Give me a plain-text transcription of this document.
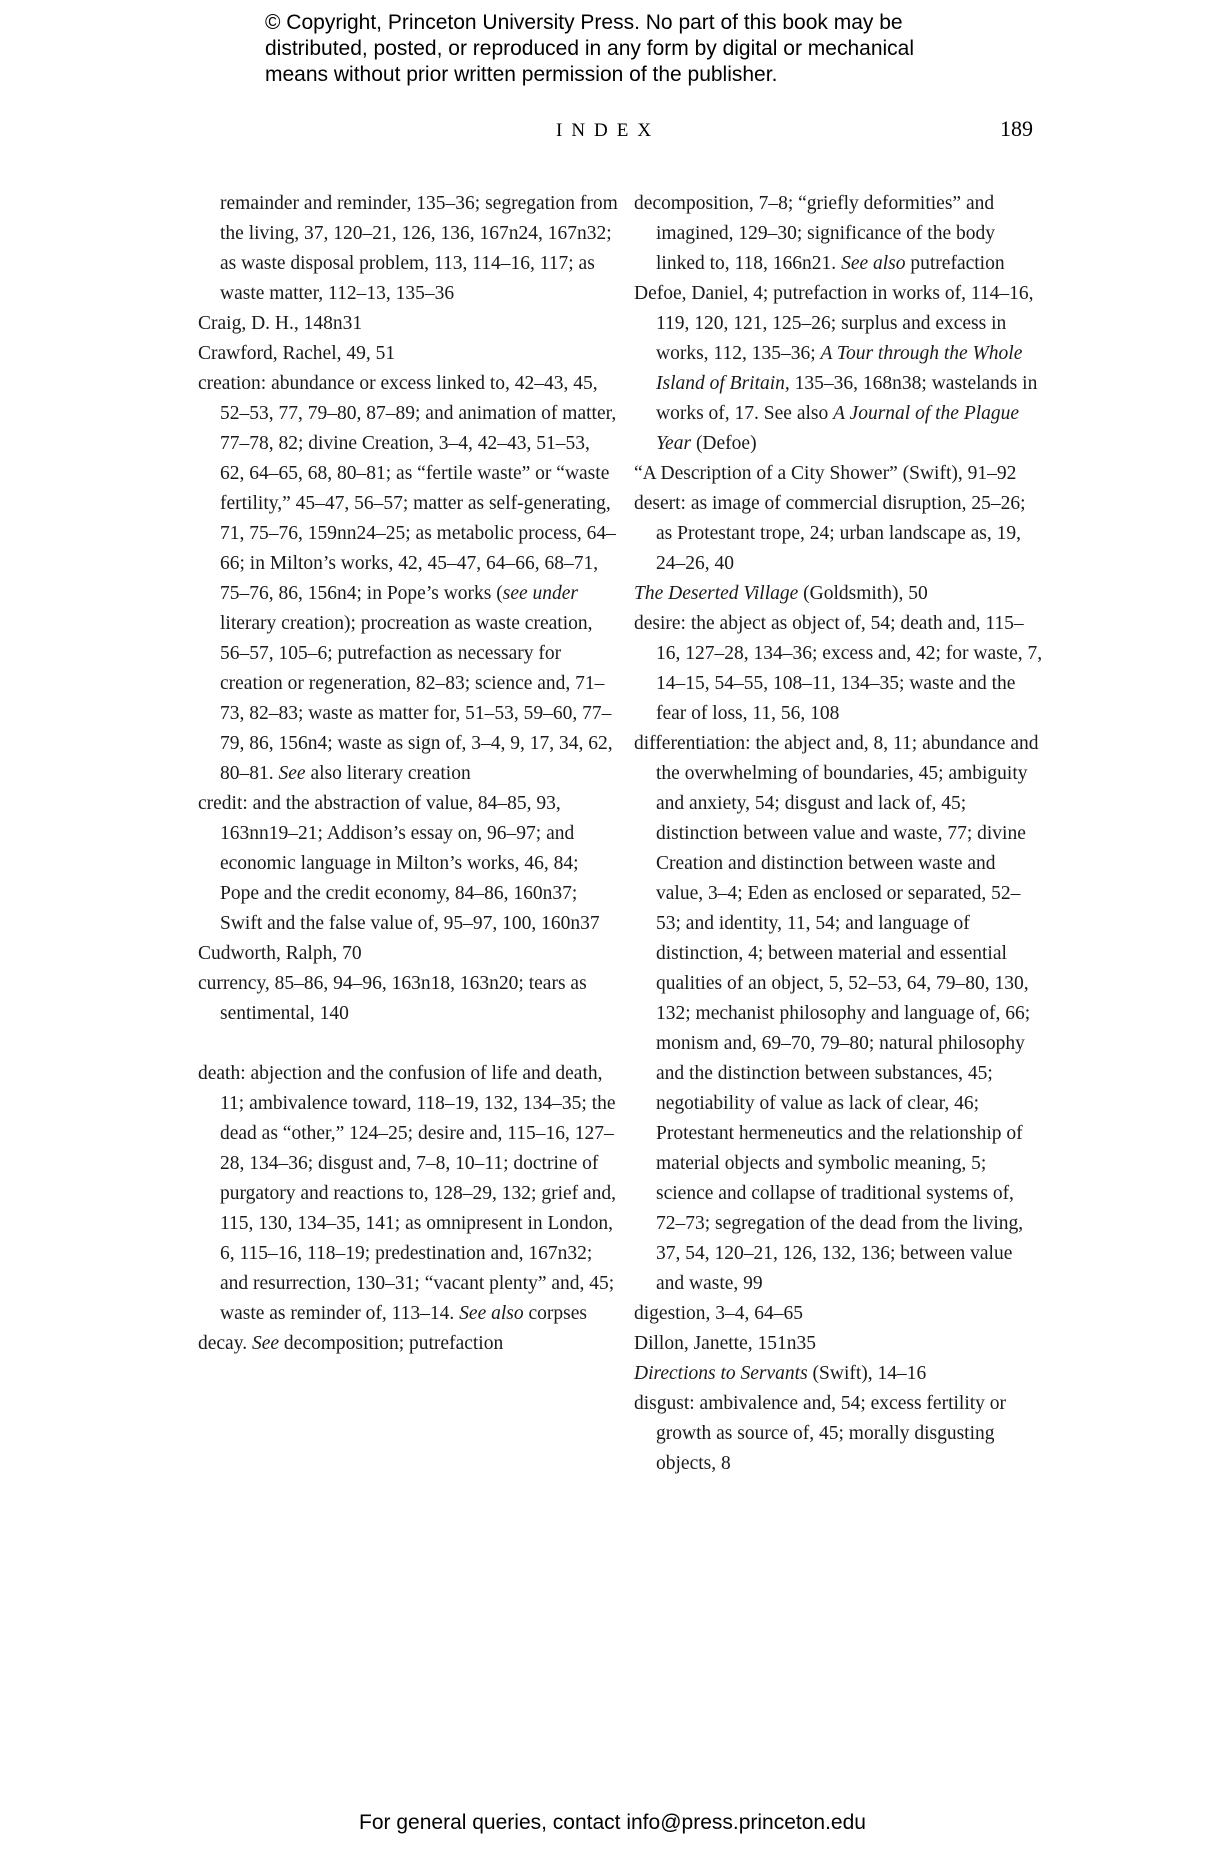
© Copyright, Princeton University Press. No part of this book may be
distributed, posted, or reproduced in any form by digital or mechanical
means without prior written permission of the publisher.
INDEX	189
remainder and reminder, 135–36; segregation from the living, 37, 120–21, 126, 136, 167n24, 167n32; as waste disposal problem, 113, 114–16, 117; as waste matter, 112–13, 135–36
Craig, D. H., 148n31
Crawford, Rachel, 49, 51
creation: abundance or excess linked to, 42–43, 45, 52–53, 77, 79–80, 87–89; and animation of matter, 77–78, 82; divine Creation, 3–4, 42–43, 51–53, 62, 64–65, 68, 80–81; as “fertile waste” or “waste fertility,” 45–47, 56–57; matter as self-generating, 71, 75–76, 159nn24–25; as metabolic process, 64–66; in Milton’s works, 42, 45–47, 64–66, 68–71, 75–76, 86, 156n4; in Pope’s works (see under literary creation); procreation as waste creation, 56–57, 105–6; putrefaction as necessary for creation or regeneration, 82–83; science and, 71–73, 82–83; waste as matter for, 51–53, 59–60, 77–79, 86, 156n4; waste as sign of, 3–4, 9, 17, 34, 62, 80–81. See also literary creation
credit: and the abstraction of value, 84–85, 93, 163nn19–21; Addison’s essay on, 96–97; and economic language in Milton’s works, 46, 84; Pope and the credit economy, 84–86, 160n37; Swift and the false value of, 95–97, 100, 160n37
Cudworth, Ralph, 70
currency, 85–86, 94–96, 163n18, 163n20; tears as sentimental, 140
death: abjection and the confusion of life and death, 11; ambivalence toward, 118–19, 132, 134–35; the dead as “other,” 124–25; desire and, 115–16, 127–28, 134–36; disgust and, 7–8, 10–11; doctrine of purgatory and reactions to, 128–29, 132; grief and, 115, 130, 134–35, 141; as omnipresent in London, 6, 115–16, 118–19; predestination and, 167n32; and resurrection, 130–31; “vacant plenty” and, 45; waste as reminder of, 113–14. See also corpses
decay. See decomposition; putrefaction
decomposition, 7–8; “griefly deformities” and imagined, 129–30; significance of the body linked to, 118, 166n21. See also putrefaction
Defoe, Daniel, 4; putrefaction in works of, 114–16, 119, 120, 121, 125–26; surplus and excess in works, 112, 135–36; A Tour through the Whole Island of Britain, 135–36, 168n38; wastelands in works of, 17. See also A Journal of the Plague Year (Defoe)
“A Description of a City Shower” (Swift), 91–92
desert: as image of commercial disruption, 25–26; as Protestant trope, 24; urban landscape as, 19, 24–26, 40
The Deserted Village (Goldsmith), 50
desire: the abject as object of, 54; death and, 115–16, 127–28, 134–36; excess and, 42; for waste, 7, 14–15, 54–55, 108–11, 134–35; waste and the fear of loss, 11, 56, 108
differentiation: the abject and, 8, 11; abundance and the overwhelming of boundaries, 45; ambiguity and anxiety, 54; disgust and lack of, 45; distinction between value and waste, 77; divine Creation and distinction between waste and value, 3–4; Eden as enclosed or separated, 52–53; and identity, 11, 54; and language of distinction, 4; between material and essential qualities of an object, 5, 52–53, 64, 79–80, 130, 132; mechanist philosophy and language of, 66; monism and, 69–70, 79–80; natural philosophy and the distinction between substances, 45; negotiability of value as lack of clear, 46; Protestant hermeneutics and the relationship of material objects and symbolic meaning, 5; science and collapse of traditional systems of, 72–73; segregation of the dead from the living, 37, 54, 120–21, 126, 132, 136; between value and waste, 99
digestion, 3–4, 64–65
Dillon, Janette, 151n35
Directions to Servants (Swift), 14–16
disgust: ambivalence and, 54; excess fertility or growth as source of, 45; morally disgusting objects, 8
For general queries, contact info@press.princeton.edu
